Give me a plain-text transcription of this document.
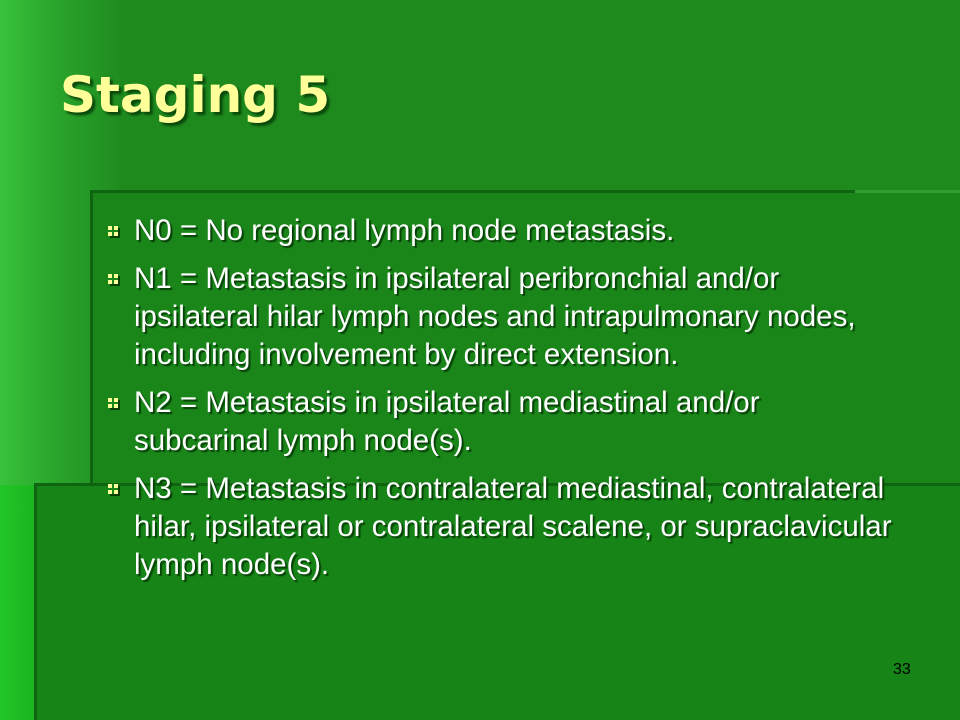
Staging 5
N0 = No regional lymph node metastasis.
N1 = Metastasis in ipsilateral peribronchial and/or ipsilateral hilar lymph nodes and intrapulmonary nodes, including involvement by direct extension.
N2 = Metastasis in ipsilateral mediastinal and/or subcarinal lymph node(s).
N3 = Metastasis in contralateral mediastinal, contralateral hilar, ipsilateral or contralateral scalene, or supraclavicular lymph node(s).
33
